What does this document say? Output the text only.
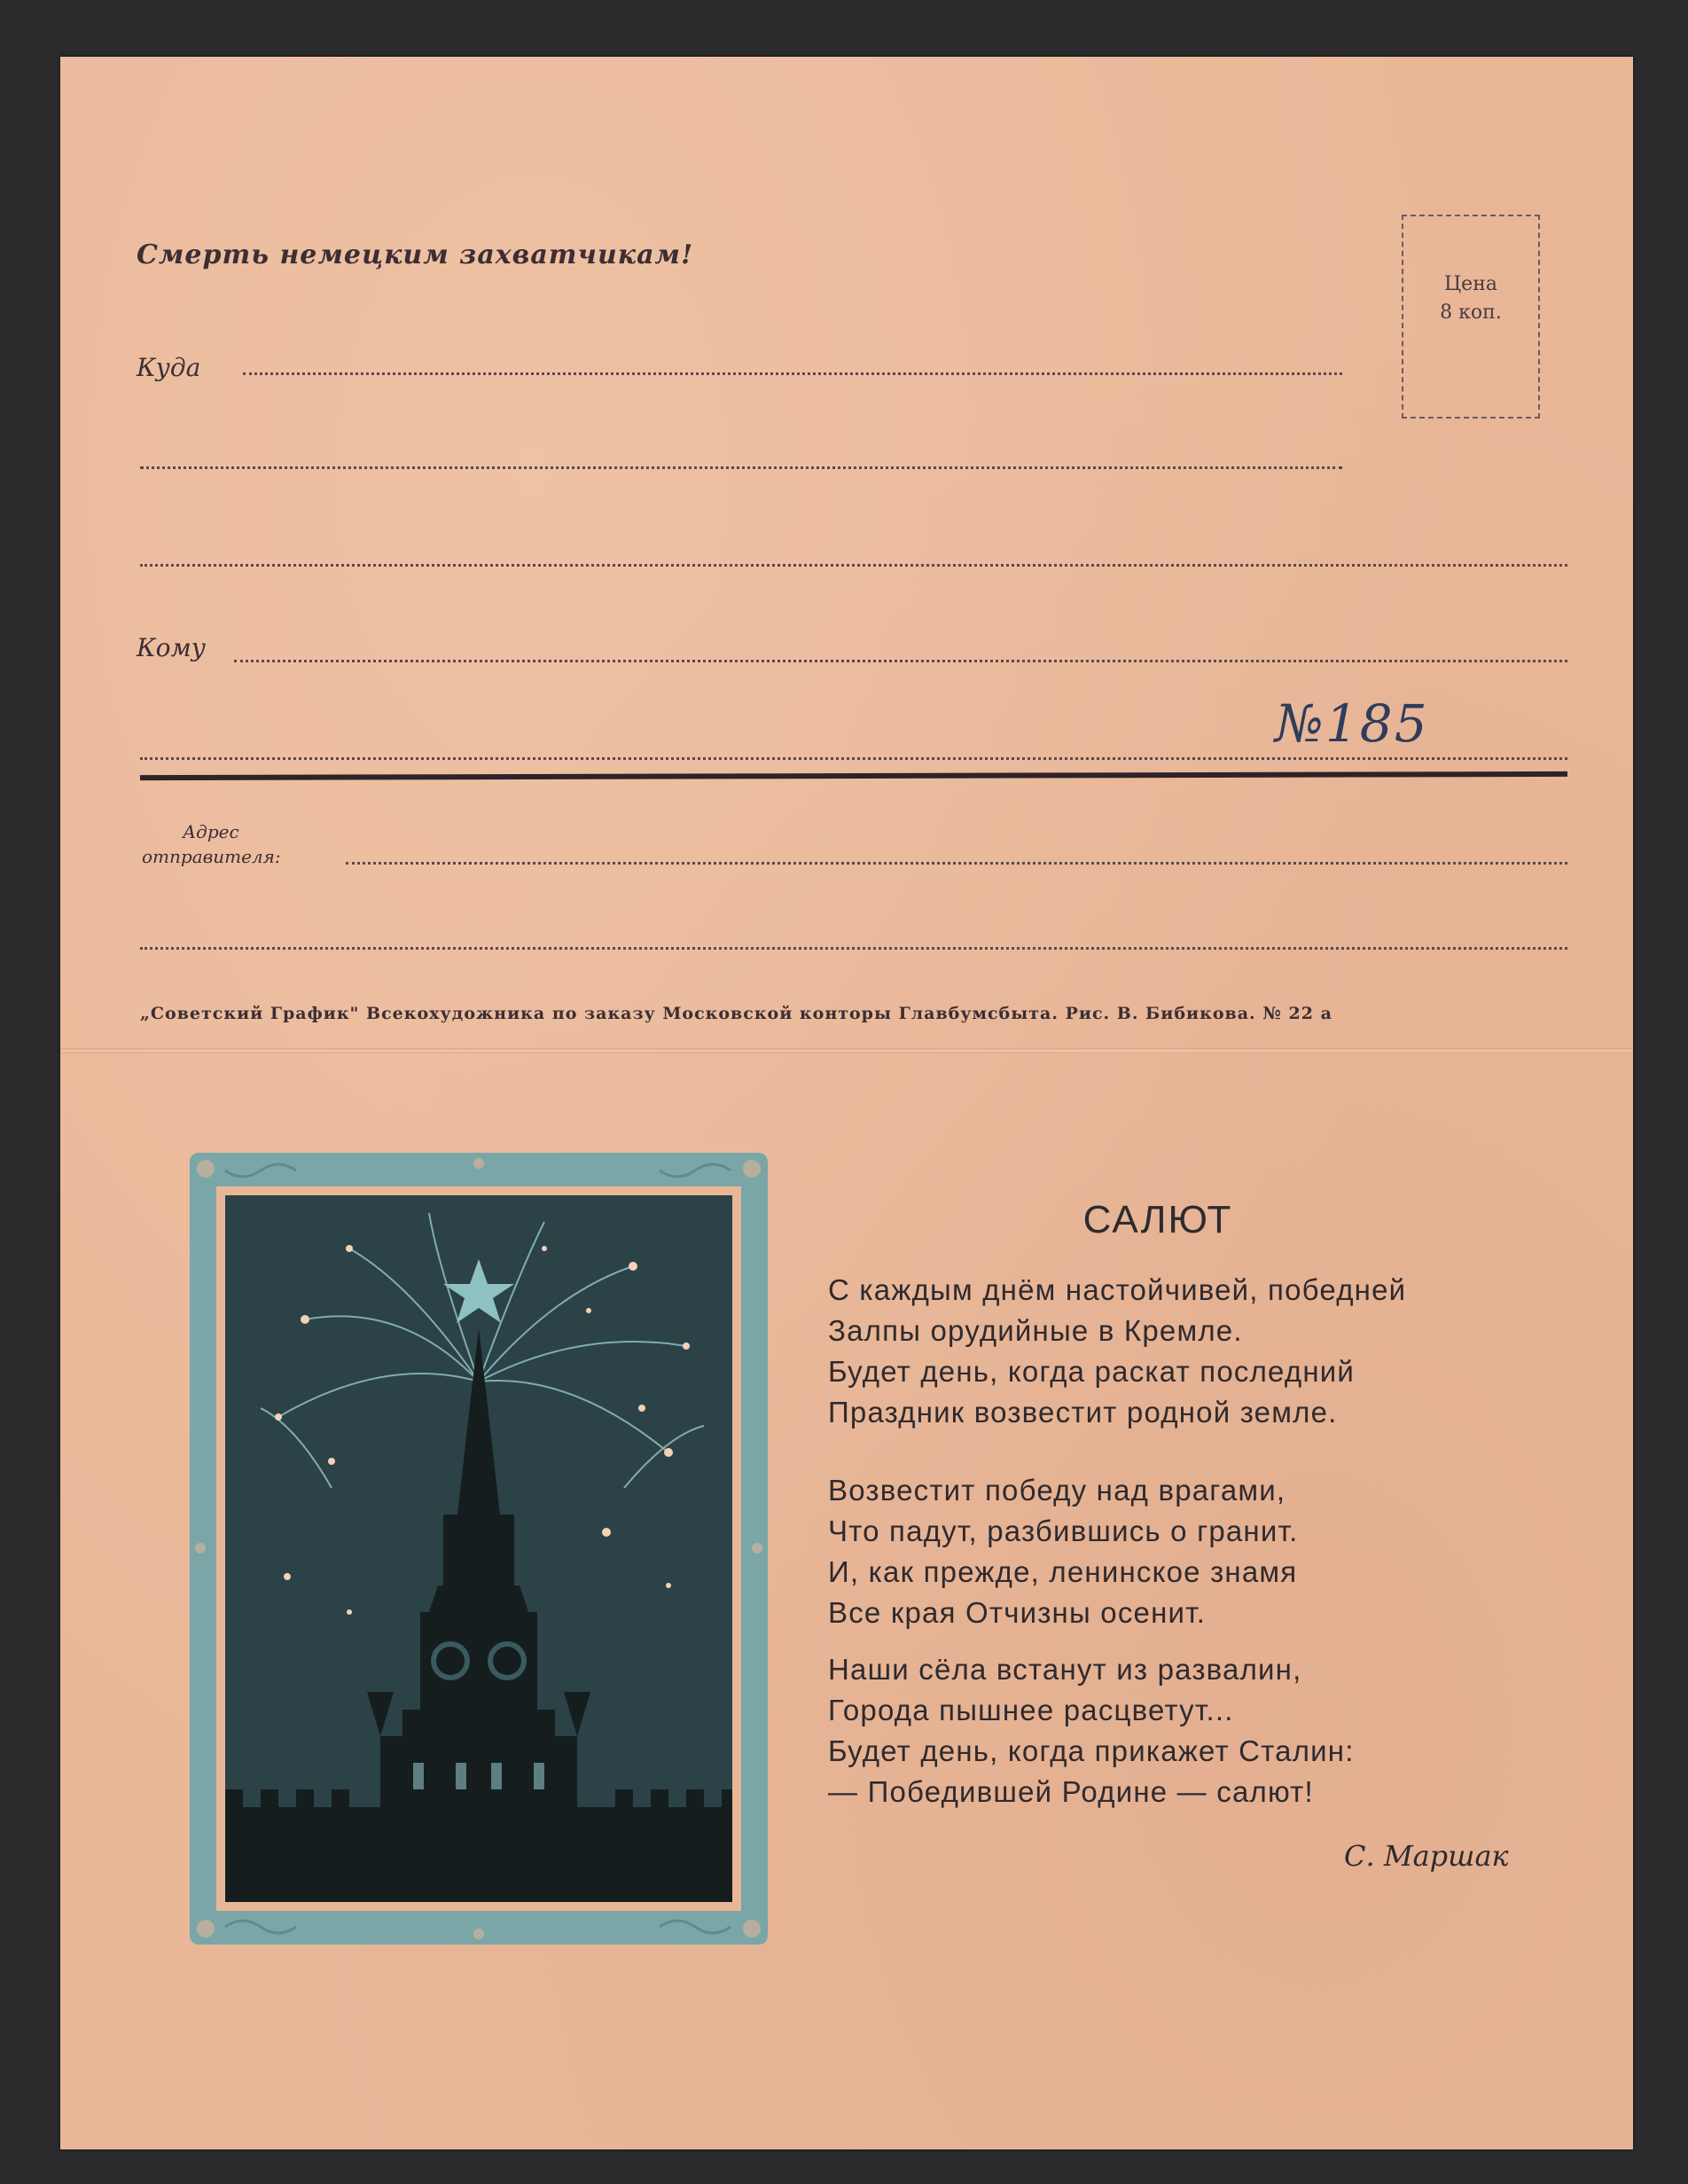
Смерть немецким захватчикам!
Цена
8 коп.
Куда
Кому
№185
Адрес
отправителя:
„Советский График" Всекохудожника по заказу Московской конторы Главбумсбыта. Рис. В. Бибикова. № 22 а
САЛЮТ
С каждым днём настойчивей, победней
Залпы орудийные в Кремле.
Будет день, когда раскат последний
Праздник возвестит родной земле.
Возвестит победу над врагами,
Что падут, разбившись о гранит.
И, как прежде, ленинское знамя
Все края Отчизны осенит.
Наши сёла встанут из развалин,
Города пышнее расцветут...
Будет день, когда прикажет Сталин:
— Победившей Родине — салют!
С. Маршак
